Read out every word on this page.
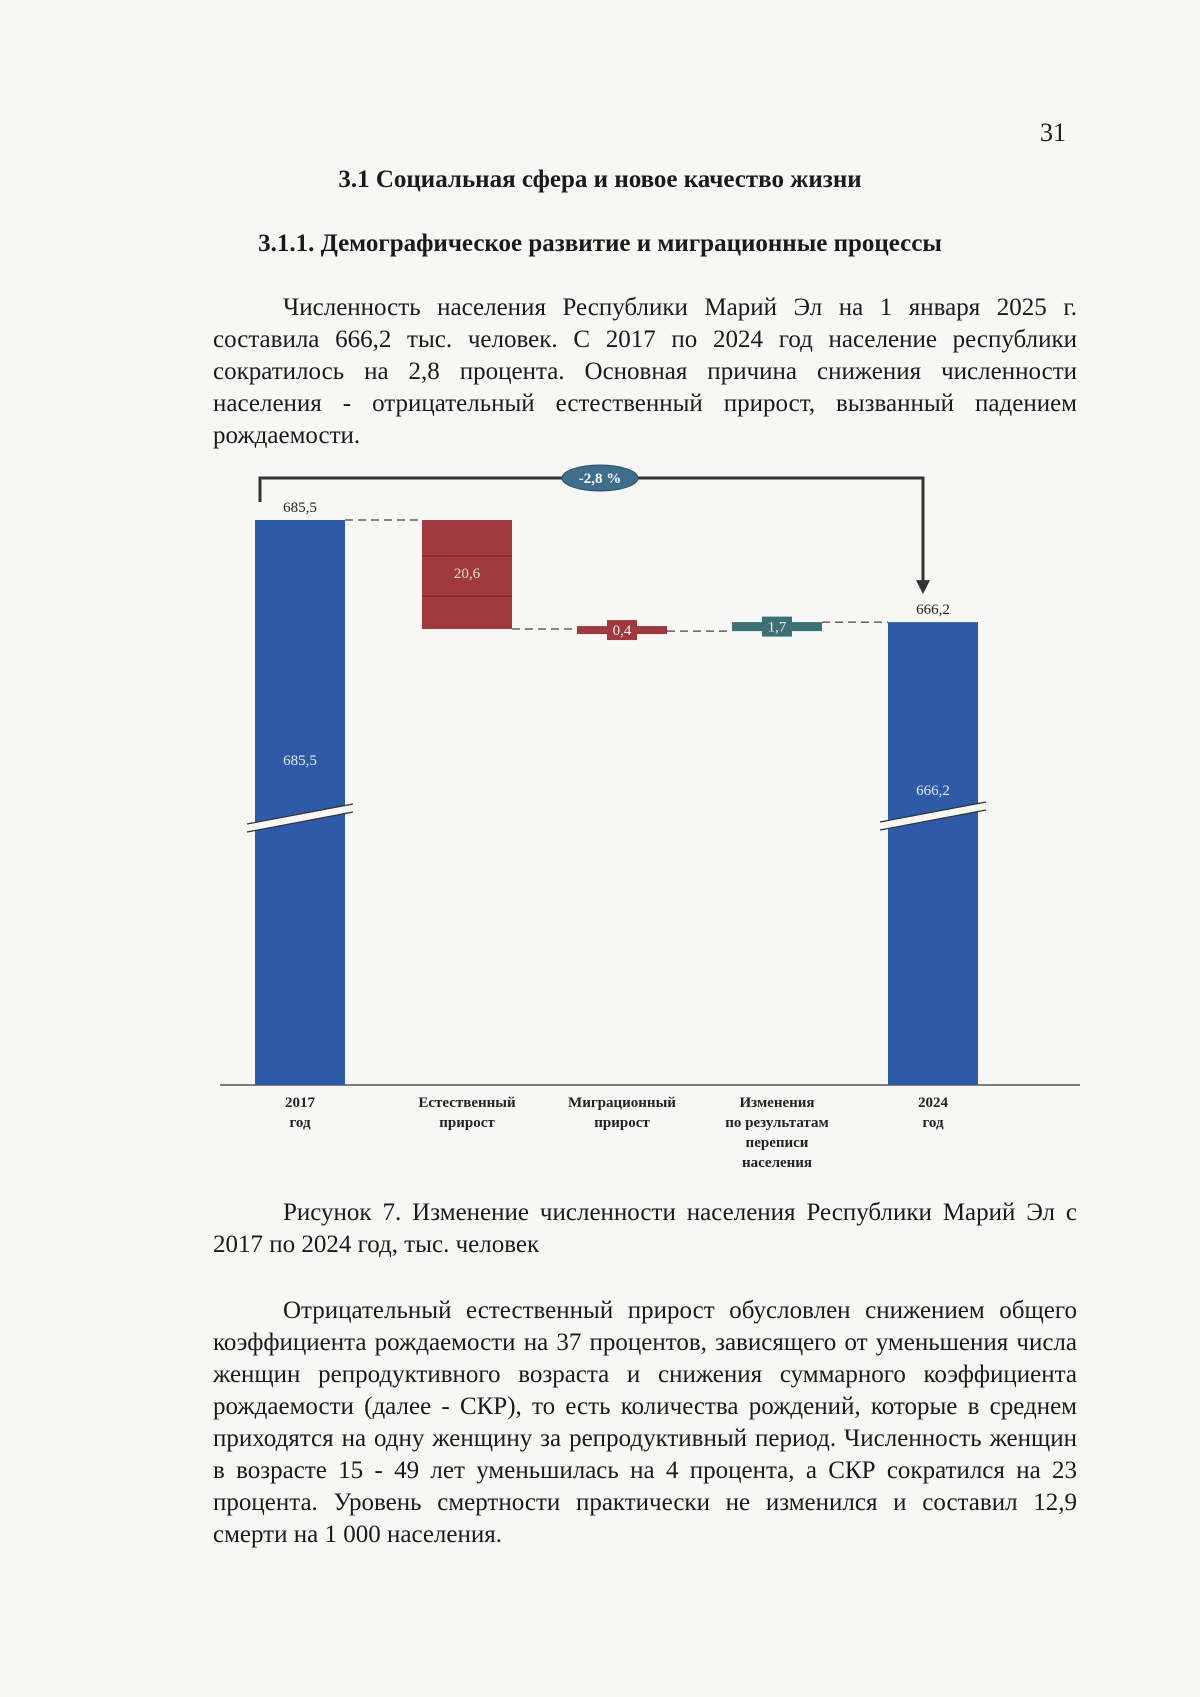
31
3.1 Социальная сфера и новое качество жизни
3.1.1. Демографическое развитие и миграционные процессы

Численность населения Республики Марий Эл на 1 января 2025 г. составила 666,2 тыс. человек. С 2017 по 2024 год население республики сократилось на 2,8 процента. Основная причина снижения численности населения - отрицательный естественный прирост, вызванный падением рождаемости.

685,5
685,5
20,6
0,4	1,7
666,2
666,2
-2,8 %
2017
год
Естественный
прирост
Миграционный
прирост
Изменения
по результатам
переписи
населения
2024
год

Рисунок 7. Изменение численности населения Республики Марий Эл с 2017 по 2024 год, тыс. человек

Отрицательный естественный прирост обусловлен снижением общего коэффициента рождаемости на 37 процентов, зависящего от уменьшения числа женщин репродуктивного возраста и снижения суммарного коэффициента рождаемости (далее - СКР), то есть количества рождений, которые в среднем приходятся на одну женщину за репродуктивный период. Численность женщин в возрасте 15 - 49 лет уменьшилась на 4 процента, а СКР сократился на 23 процента. Уровень смертности практически не изменился и составил 12,9 смерти на 1 000 населения.
